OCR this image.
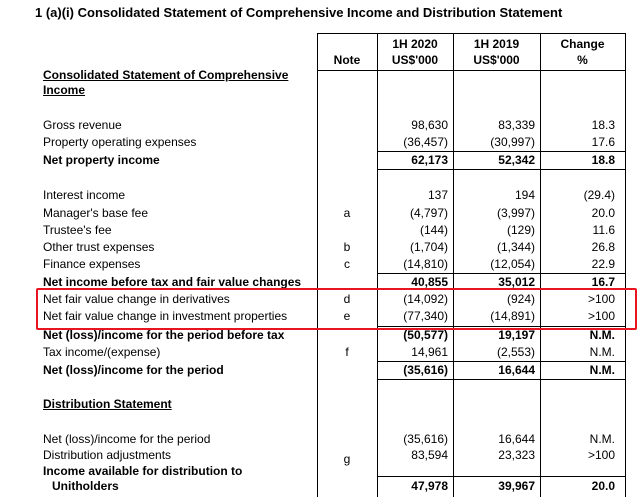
1 (a)(i) Consolidated Statement of Comprehensive Income and Distribution Statement
Note
1H 2020
US$'000
1H 2019
US$'000
Change
%
Consolidated Statement of Comprehensive
Income
Gross revenue	98,630	83,339	18.3
Property operating expenses	(36,457)	(30,997)	17.6
Net property income	62,173	52,342	18.8
Interest income	137	194	(29.4)
Manager's base fee	a	(4,797)	(3,997)	20.0
Trustee's fee	(144)	(129)	11.6
Other trust expenses	b	(1,704)	(1,344)	26.8
Finance expenses	c	(14,810)	(12,054)	22.9
Net income before tax and fair value changes	40,855	35,012	16.7
Net fair value change in derivatives	d	(14,092)	(924)	>100
Net fair value change in investment properties	e	(77,340)	(14,891)	>100
Net (loss)/income for the period before tax	(50,577)	19,197	N.M.
Tax income/(expense)	f	14,961	(2,553)	N.M.
Net (loss)/income for the period	(35,616)	16,644	N.M.
Distribution Statement
Net (loss)/income for the period	(35,616)	16,644	N.M.
Distribution adjustments	g	83,594	23,323	>100
Income available for distribution to
Unitholders	47,978	39,967	20.0
